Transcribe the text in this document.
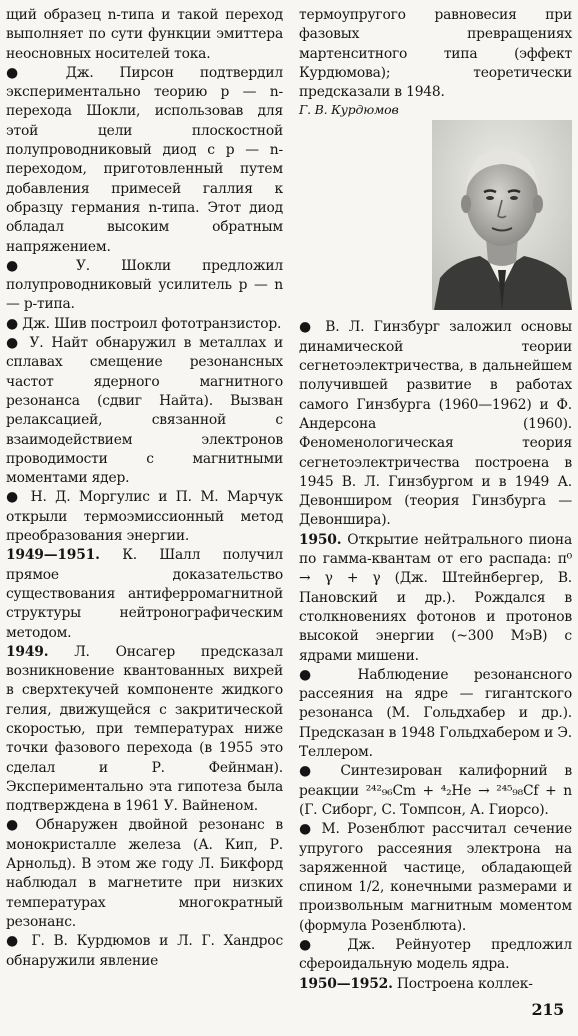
щий образец n-типа и такой переход выполняет по сути функции эмиттера неосновных носителей тока.

● Дж. Пирсон подтвердил экспериментально теорию p — n-перехода Шокли, использовав для этой цели плоскостной полупроводниковый диод с p — n-переходом, приготовленный путем добавления примесей галлия к образцу германия n-типа. Этот диод обладал высоким обратным напряжением.

● У. Шокли предложил полупроводниковый усилитель p — n — p-типа.

● Дж. Шив построил фототранзистор.

● У. Найт обнаружил в металлах и сплавах смещение резонансных частот ядерного магнитного резонанса (сдвиг Найта). Вызван релаксацией, связанной с взаимодействием электронов проводимости с магнитными моментами ядер.

● Н. Д. Моргулис и П. М. Марчук открыли термоэмиссионный метод преобразования энергии.

1949—1951. К. Шалл получил прямое доказательство существования антиферромагнитной структуры нейтронографическим методом.

1949. Л. Онсагер предсказал возникновение квантованных вихрей в сверхтекучей компоненте жидкого гелия, движущейся с закритической скоростью, при температурах ниже точки фазового перехода (в 1955 это сделал и Р. Фейнман). Экспериментально эта гипотеза была подтверждена в 1961 У. Вайненом.

● Обнаружен двойной резонанс в монокристалле железа (А. Кип, Р. Арнольд). В этом же году Л. Бикфорд наблюдал в магнетите при низких температурах многократный резонанс.

● Г. В. Курдюмов и Л. Г. Хандрос обнаружили явление

термоупругого равновесия при фазовых превращениях мартенситного типа (эффект Курдюмова); теоретически предсказали в 1948.

Г. В. Курдюмов

● В. Л. Гинзбург заложил основы динамической теории сегнетоэлектричества, в дальнейшем получившей развитие в работах самого Гинзбурга (1960—1962) и Ф. Андерсона (1960). Феноменологическая теория сегнетоэлектричества построена в 1945 В. Л. Гинзбургом и в 1949 А. Девонширом (теория Гинзбурга — Девоншира).

1950. Открытие нейтрального пиона по гамма-квантам от его распада: π⁰ → γ + γ (Дж. Штейнбергер, В. Пановский и др.). Рождался в столкновениях фотонов и протонов высокой энергии (~300 МэВ) с ядрами мишени.

● Наблюдение резонансного рассеяния на ядре — гигантского резонанса (М. Гольдхабер и др.). Предсказан в 1948 Гольдхабером и Э. Теллером.

● Синтезирован калифорний в реакции ²⁴²₉₆Cm + ⁴₂He → ²⁴⁵₉₈Cf + n (Г. Сиборг, С. Томпсон, А. Гиорсо).

● М. Розенблют рассчитал сечение упругого рассеяния электрона на заряженной частице, обладающей спином 1/2, конечными размерами и произвольным магнитным моментом (формула Розенблюта).

● Дж. Рейнуотер предложил сфероидальную модель ядра.

1950—1952. Построена коллек-

215
